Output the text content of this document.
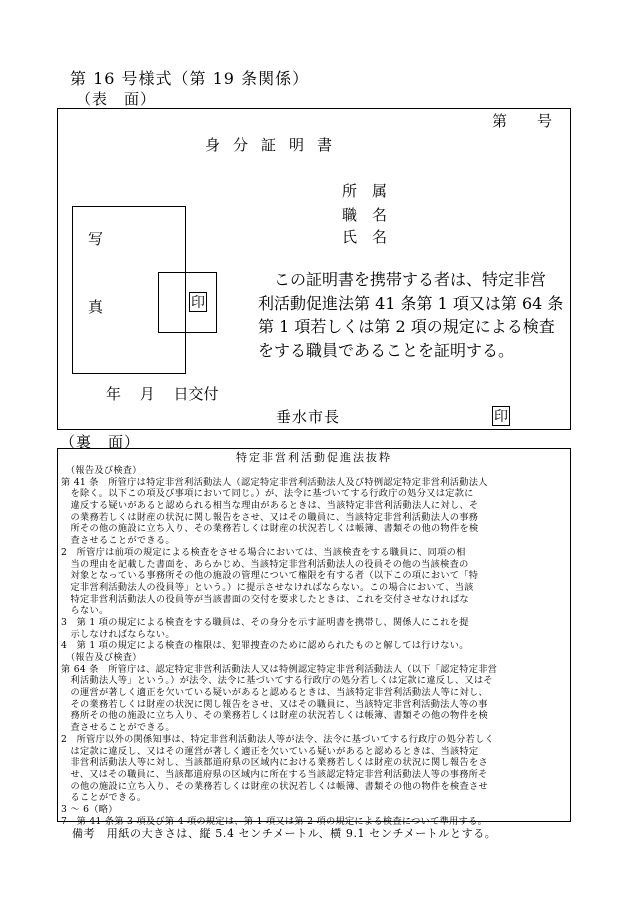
第 16 号様式（第 19 条関係）
（表　面）
第　　号
身分証明書
所属
職名
氏名
写
真	印
　この証明書を携帯する者は、特定非営
利活動促進法第 41 条第 1 項又は第 64 条
第 1 項若しくは第 2 項の規定による検査
をする職員であることを証明する。
年 月 日交付
垂水市長	印
（裏　面）
特定非営利活動促進法抜粋
　（報告及び検査）
第 41 条　所管庁は特定非営利活動法人（認定特定非営利活動法人及び特例認定特定非営利活動法人
　を除く。以下この項及び事項において同じ。）が、法令に基づいてする行政庁の処分又は定款に
　違反する疑いがあると認められる相当な理由があるときは、当該特定非営利活動法人に対し、そ
　の業務若しくは財産の状況に関し報告をさせ、又はその職員に、当該特定非営利活動法人の事務
　所その他の施設に立ち入り、その業務若しくは財産の状況若しくは帳簿、書類その他の物件を検
　査させることができる。
2　所管庁は前項の規定による検査をさせる場合においては、当該検査をする職員に、同項の相
　当の理由を記載した書面を、あらかじめ、当該特定非営利活動法人の役員その他の当該検査の
　対象となっている事務所その他の施設の管理について権限を有する者（以下この項において「特
　定非営利活動法人の役員等」という。）に提示させなければならない。この場合において、当該
　特定非営利活動法人の役員等が当該書面の交付を要求したときは、これを交付させなければな
　らない。
3　第 1 項の規定による検査をする職員は、その身分を示す証明書を携帯し、関係人にこれを提
　示しなければならない。
4　第 1 項の規定による検査の権限は、犯罪捜査のために認められたものと解しては行けない。
　（報告及び検査）
第 64 条　所管庁は、認定特定非営利活動法人又は特例認定特定非営利活動法人（以下「認定特定非営
　利活動法人等」という。）が法令、法令に基づいてする行政庁の処分若しくは定款に違反し、又はそ
　の運営が著しく適正を欠いている疑いがあると認めるときは、当該特定非営利活動法人等に対し、
　その業務若しくは財産の状況に関し報告をさせ、又はその職員に、当該特定非営利活動法人等の事
　務所その他の施設に立ち入り、その業務若しくは財産の状況若しくは帳簿、書類その他の物件を検
　査させることができる。
2　所管庁以外の関係知事は、特定非営利活動法人等が法令、法令に基づいてする行政庁の処分若しく
　は定款に違反し、又はその運営が著しく適正を欠いている疑いがあると認めるときは、当該特定
　非営利活動法人等に対し、当該都道府県の区域内における業務若しくは財産の状況に関し報告をさ
　せ、又はその職員に、当該都道府県の区域内に所在する当該認定特定非営利活動法人等の事務所そ
　の他の施設に立ち入り、その業務若しくは財産の状況若しくは帳簿、書類その他の物件を検査させ
　ることができる。
3 ～ 6（略）
7　第 41 条第 3 項及び第 4 項の規定は、第 1 項又は第 2 項の規定による検査について準用する。
備考　用紙の大きさは、縦 5.4 センチメートル、横 9.1 センチメートルとする。
